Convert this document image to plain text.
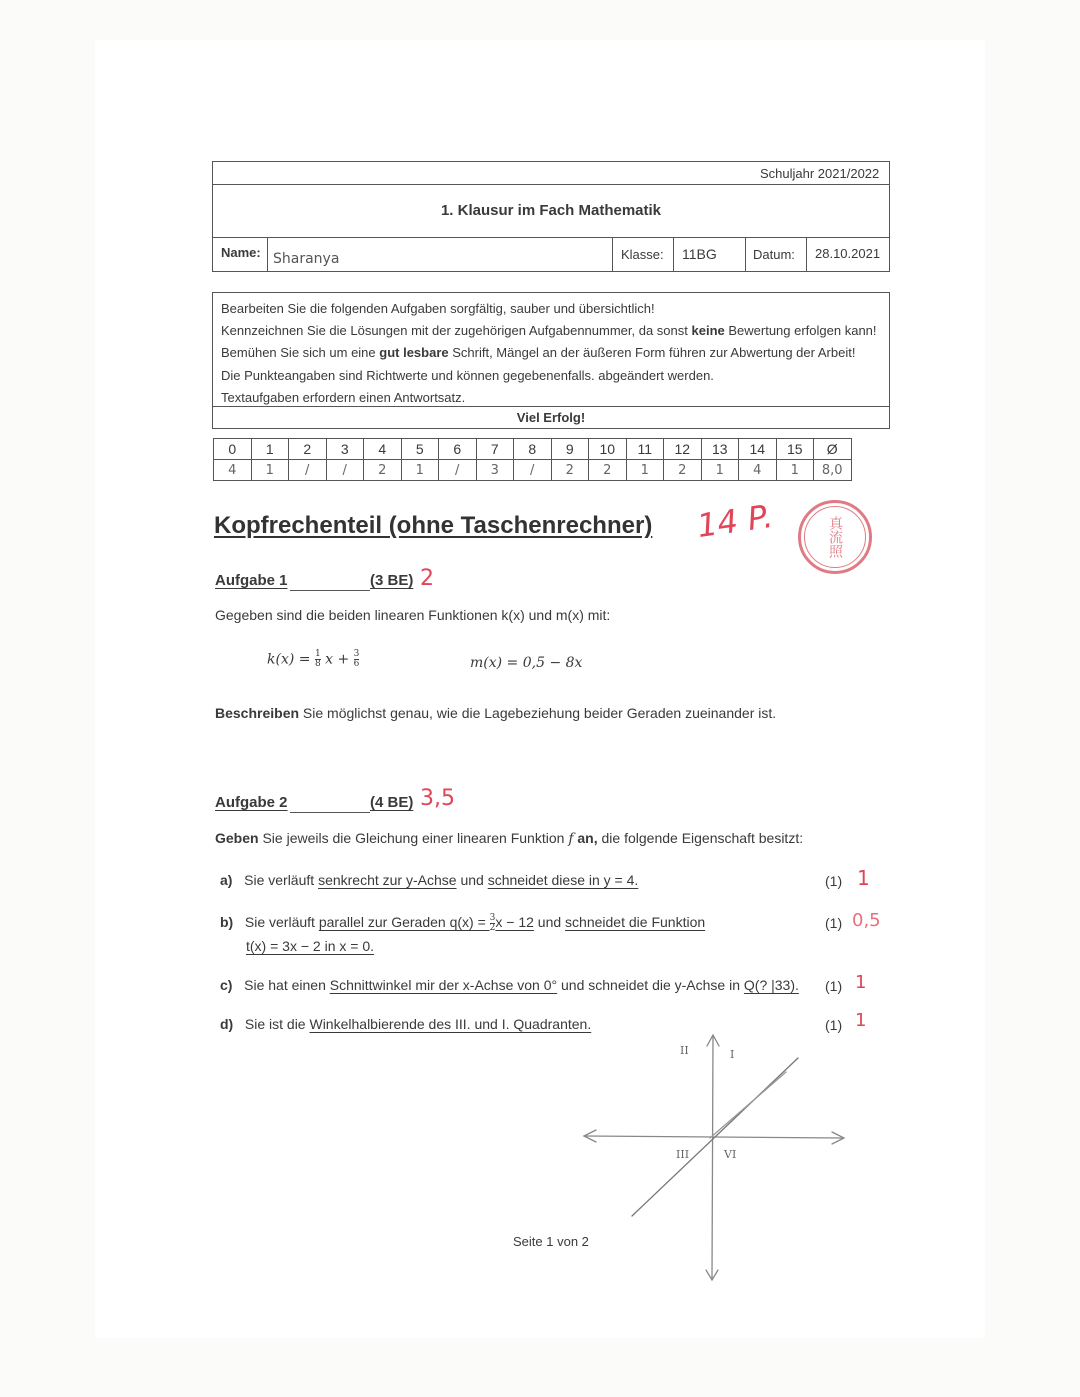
Schuljahr 2021/2022
1. Klausur im Fach Mathematik
Name: Sharanya	Klasse: 11BG	Datum: 28.10.2021
Bearbeiten Sie die folgenden Aufgaben sorgfältig, sauber und übersichtlich!
Kennzeichnen Sie die Lösungen mit der zugehörigen Aufgabennummer, da sonst keine Bewertung erfolgen kann!
Bemühen Sie sich um eine gut lesbare Schrift, Mängel an der äußeren Form führen zur Abwertung der Arbeit!
Die Punkteangaben sind Richtwerte und können gegebenenfalls. abgeändert werden.
Textaufgaben erfordern einen Antwortsatz.
Viel Erfolg!
0	1	2	3	4	5	6	7	8	9	10	11	12	13	14	15	Ø
4	1	/	/	2	1	/	3	/	2	2	1	2	1	4	1	8,0
Kopfrechenteil (ohne Taschenrechner) 14 P.	真流照
Aufgabe 1	(3 BE) 2
Gegeben sind die beiden linearen Funktionen k(x) und m(x) mit:
$k(x) = \frac{1}{8}$ $x + \frac{3}{6}$	m(x) = 0,5 − 8x
Beschreiben Sie möglichst genau, wie die Lagebeziehung beider Geraden zueinander ist.
Aufgabe 2	(4 BE) 3,5
Geben Sie jeweils die Gleichung einer linearen Funktion f an, die folgende Eigenschaft besitzt:
a) Sie verläuft senkrecht zur y-Achse und schneidet diese in y = 4.	(1) 1
b) Sie verläuft parallel zur Geraden $q(x) = \frac{3}{2}$ x − 12 und schneidet die Funktion
t(x) = 3x − 2 in x = 0.
(1) 0,5
c) Sie hat einen Schnittwinkel mir der x-Achse von 0° und schneidet die y-Achse in Q(? |33). (1) 1
d) Sie ist die Winkelhalbierende des III. und I. Quadranten.	(1) 1
II	I
III	VI
Seite 1 von 2
